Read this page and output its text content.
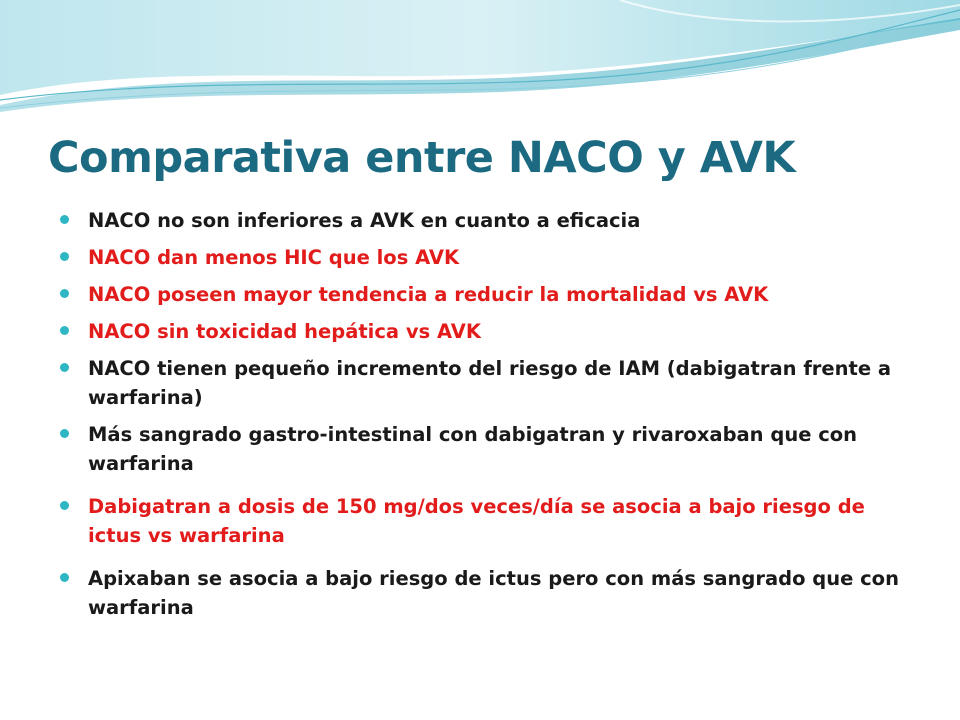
Comparativa entre NACO y AVK
NACO no son inferiores a AVK en cuanto a eficacia
NACO dan menos HIC que los AVK
NACO poseen mayor tendencia a reducir la mortalidad vs AVK
NACO sin toxicidad hepática vs AVK
NACO tienen pequeño incremento del riesgo de IAM (dabigatran frente a warfarina)
Más sangrado gastro-intestinal con dabigatran y rivaroxaban que con warfarina
Dabigatran a dosis de 150 mg/dos veces/día se asocia a bajo riesgo de ictus vs warfarina
Apixaban se asocia a bajo riesgo de ictus pero con más sangrado que con warfarina
